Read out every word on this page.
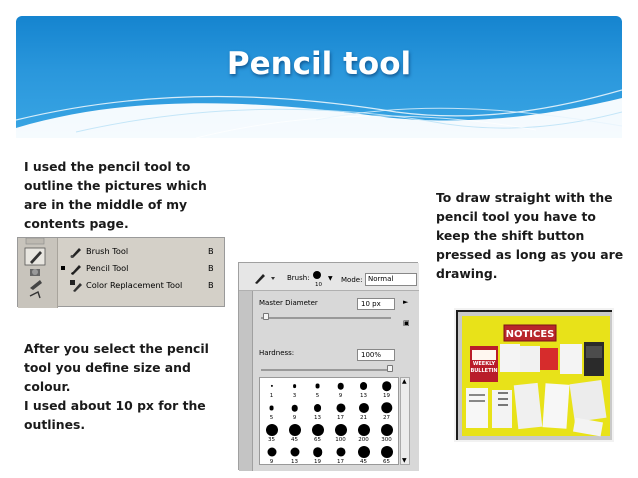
Pencil tool

I used the pencil tool to

outline the pictures which

are in the middle of my

contents page.

After you select the pencil

tool you define size and

colour.

I used about 10 px for the

outlines.

To draw straight with the

pencil tool you have to

keep the shift button

pressed as long as you are

drawing.

Brush Tool	B
Pencil Tool	B
Color Replacement Tool	B
Brush:
10
▼ Mode: Normal
Master Diameter	10 px	►
▣
Hardness:	100%
1	3	5	9	13	19
5	9	13	17	21	27
35	45	65	100	200	300
9	13	19	17	45	65
▲
▼
NOTICES
WEEKLY
BULLETIN
